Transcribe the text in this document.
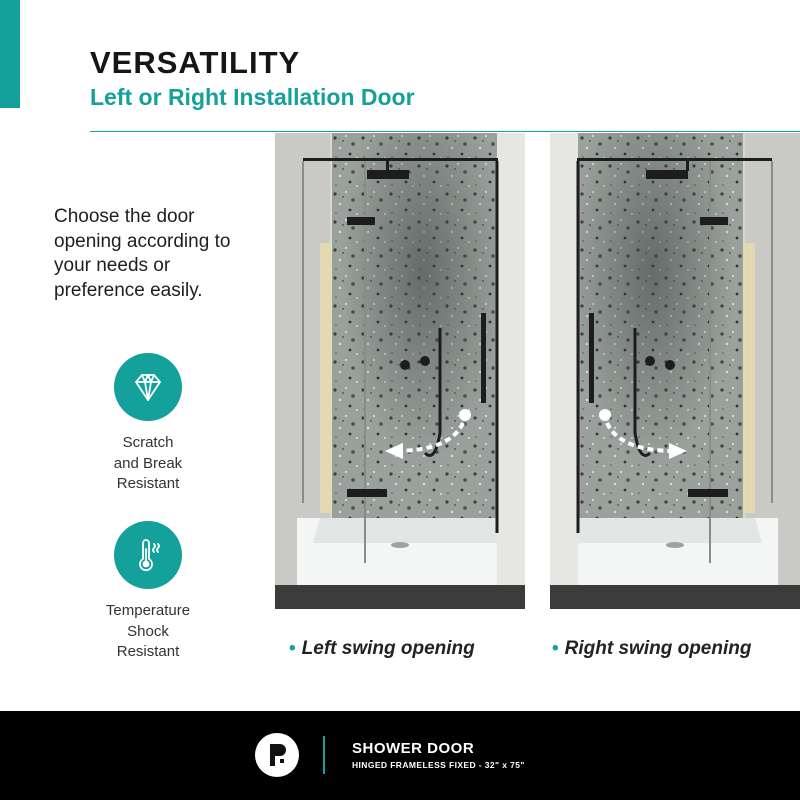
VERSATILITY
Left or Right Installation Door

Choose the door opening according to your needs or preference easily.

Scratch
and Break
Resistant
Temperature
Shock
Resistant	• Left swing opening	• Right swing opening

SHOWER DOOR

HINGED FRAMELESS FIXED - 32" x 75"
